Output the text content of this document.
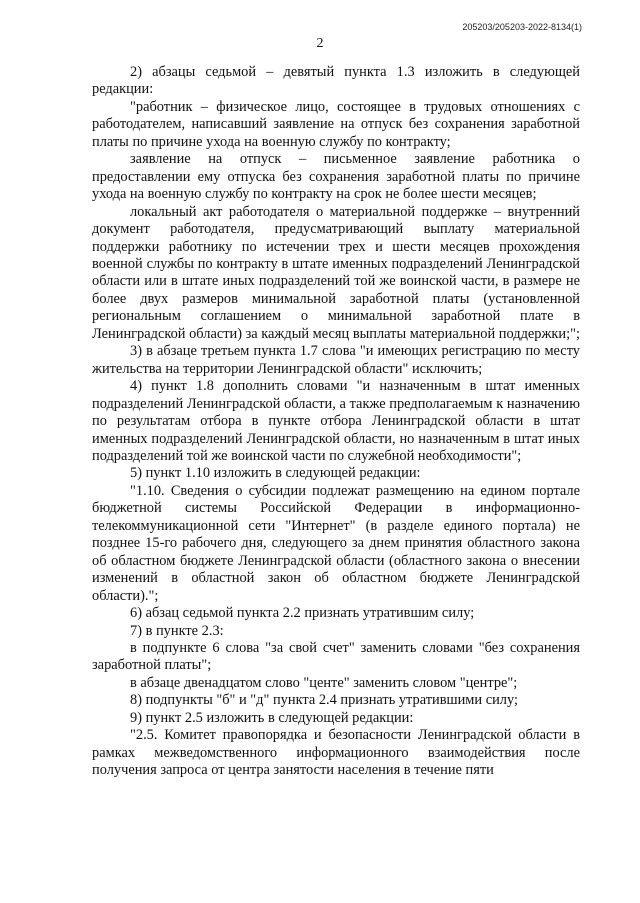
205203/205203-2022-8134(1)
2

2) абзацы седьмой – девятый пункта 1.3 изложить в следующей редакции:

"работник – физическое лицо, состоящее в трудовых отношениях с работодателем, написавший заявление на отпуск без сохранения заработной платы по причине ухода на военную службу по контракту;

заявление на отпуск – письменное заявление работника о предоставлении ему отпуска без сохранения заработной платы по причине ухода на военную службу по контракту на срок не более шести месяцев;

локальный акт работодателя о материальной поддержке – внутренний документ работодателя, предусматривающий выплату материальной поддержки работнику по истечении трех и шести месяцев прохождения военной службы по контракту в штате именных подразделений Ленинградской области или в штате иных подразделений той же воинской части, в размере не более двух размеров минимальной заработной платы (установленной региональным соглашением о минимальной заработной плате в Ленинградской области) за каждый месяц выплаты материальной поддержки;";

3) в абзаце третьем пункта 1.7 слова "и имеющих регистрацию по месту жительства на территории Ленинградской области" исключить;

4) пункт 1.8 дополнить словами "и назначенным в штат именных подразделений Ленинградской области, а также предполагаемым к назначению по результатам отбора в пункте отбора Ленинградской области в штат именных подразделений Ленинградской области, но назначенным в штат иных подразделений той же воинской части по служебной необходимости";

5) пункт 1.10 изложить в следующей редакции:

"1.10. Сведения о субсидии подлежат размещению на едином портале бюджетной системы Российской Федерации в информационно-телекоммуникационной сети "Интернет" (в разделе единого портала) не позднее 15-го рабочего дня, следующего за днем принятия областного закона об областном бюджете Ленинградской области (областного закона о внесении изменений в областной закон об областном бюджете Ленинградской области).";

6) абзац седьмой пункта 2.2 признать утратившим силу;

7) в пункте 2.3:

в подпункте 6 слова "за свой счет" заменить словами "без сохранения заработной платы";

в абзаце двенадцатом слово "центе" заменить словом "центре";

8) подпункты "б" и "д" пункта 2.4 признать утратившими силу;

9) пункт 2.5 изложить в следующей редакции:

"2.5. Комитет правопорядка и безопасности Ленинградской области в рамках межведомственного информационного взаимодействия после получения запроса от центра занятости населения в течение пяти
